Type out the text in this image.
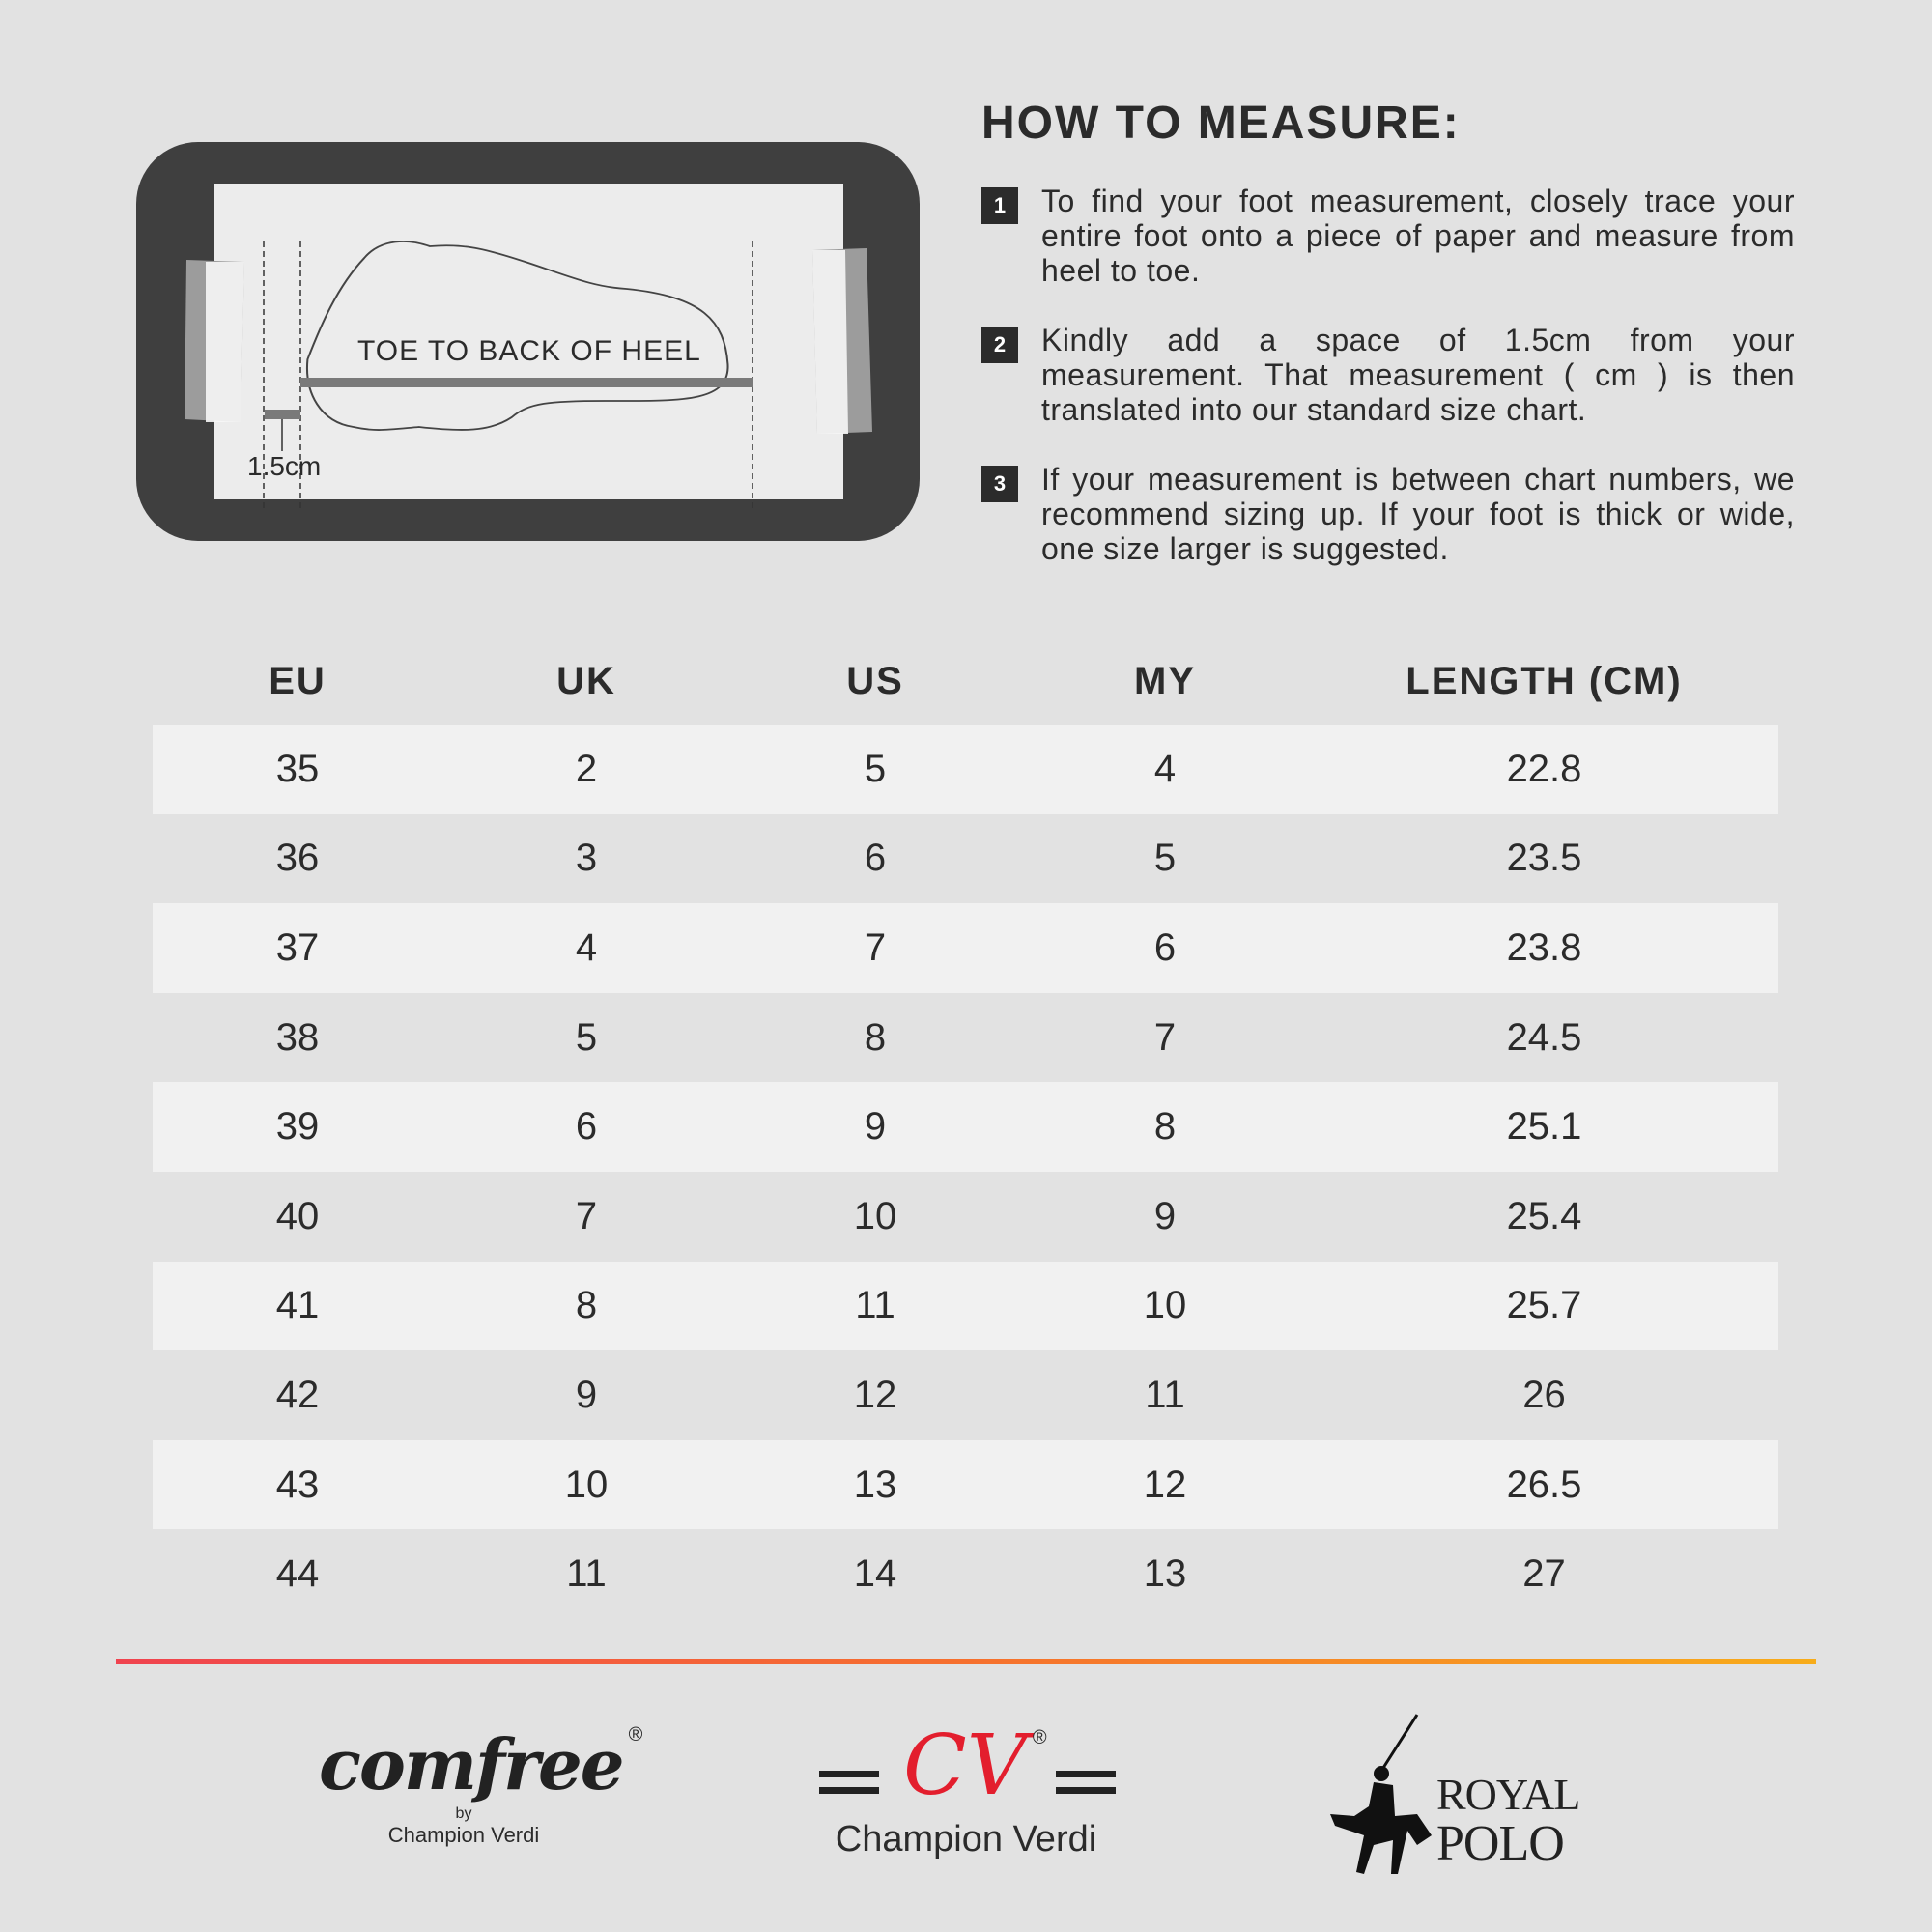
TOE TO BACK OF HEEL
1.5cm
HOW TO MEASURE:
1	To find your foot measurement, closely trace your entire foot onto a piece of paper and measure from heel to toe.
2	Kindly add a space of 1.5cm from your measurement. That measurement ( cm ) is then translated into our standard size chart.
3	If your measurement is between chart numbers, we recommend sizing up. If your foot is thick or wide, one size larger is suggested.
EU	UK	US	MY	LENGTH (CM)
35	2	5	4	22.8
36	3	6	5	23.5
37	4	7	6	23.8
38	5	8	7	24.5
39	6	9	8	25.1
40	7	10	9	25.4
41	8	11	10	25.7
42	9	12	11	26
43	10	13	12	26.5
44	11	14	13	27
comfree ®
by
Champion Verdi
CV ®
Champion Verdi
ROYAL
POLO
